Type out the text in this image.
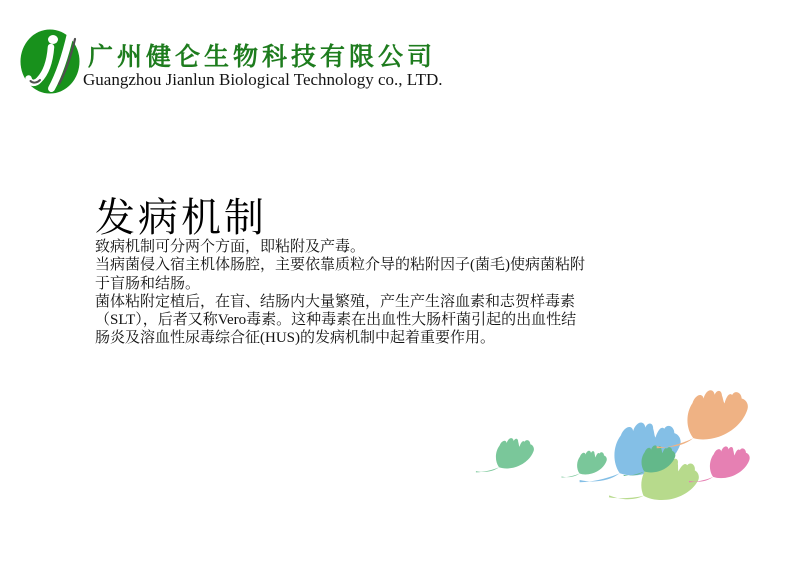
广州健仑生物科技有限公司
Guangzhou Jianlun Biological Technology co., LTD.
发病机制
致病机制可分两个方面，即粘附及产毒。
当病菌侵入宿主机体肠腔，主要依靠质粒介导的粘附因子(菌毛)使病菌粘附
于盲肠和结肠。
菌体粘附定植后，在盲、结肠内大量繁殖，产生产生溶血素和志贺样毒素
（SLT），后者又称Vero毒素。这种毒素在出血性大肠杆菌引起的出血性结
肠炎及溶血性尿毒综合征(HUS)的发病机制中起着重要作用。
